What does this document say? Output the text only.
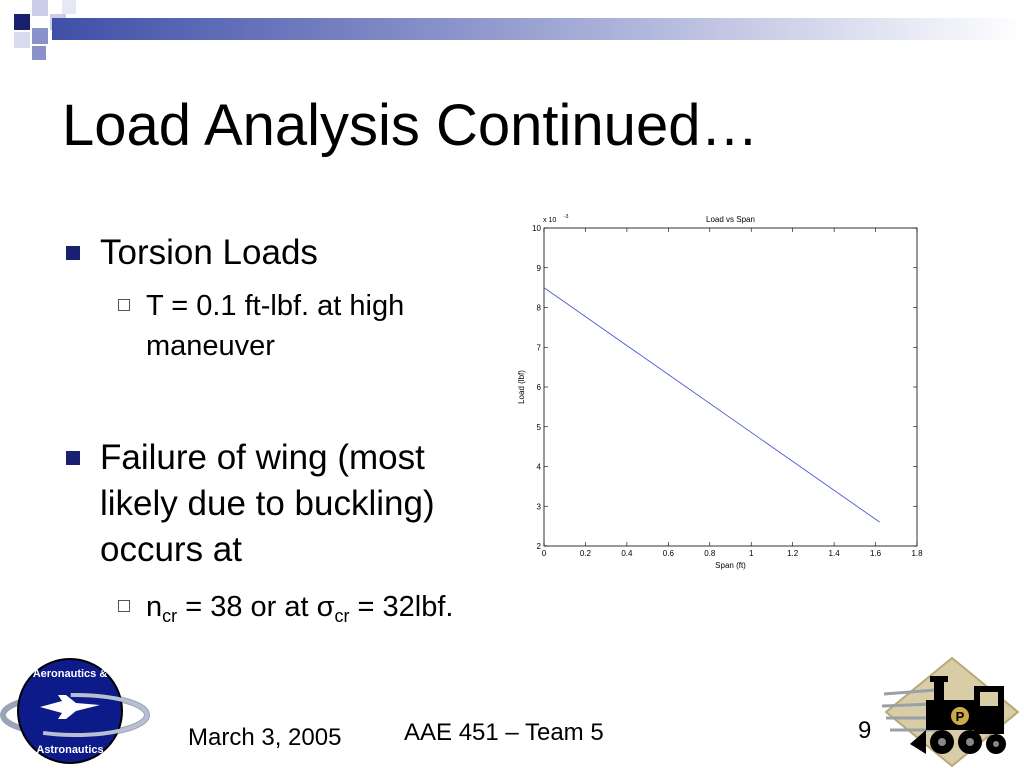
Load Analysis Continued…
Torsion Loads
T = 0.1 ft-lbf. at high
maneuver
Failure of wing (most
likely due to buckling)
occurs at
$n_{cr} = 38$ or at $\sigma_{cr} = 32lbf$.
Load vs Span
x 10 -3
0	0.2	0.4	0.6	0.8	1	1.2	1.4	1.6	1.8
2
3
4
5
6
7
8
9
10
Span (ft)
Load (lbf)
Aeronautics &
Astronautics	March 3, 2005	AAE 451 – Team 5	9
P
